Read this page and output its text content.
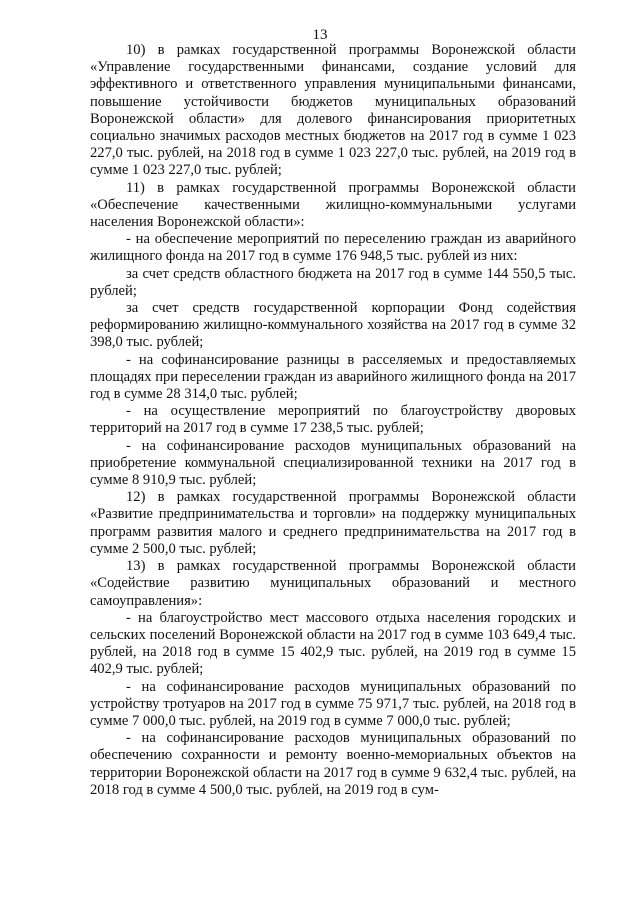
13

10) в рамках государственной программы Воронежской области «Управление государственными финансами, создание условий для эффективного и ответственного управления муниципальными финансами, повышение устойчивости бюджетов муниципальных образований Воронежской области» для долевого финансирования приоритетных социально значимых расходов местных бюджетов на 2017 год в сумме 1 023 227,0 тыс. рублей, на 2018 год в сумме 1 023 227,0 тыс. рублей, на 2019 год в сумме 1 023 227,0 тыс. рублей;

11) в рамках государственной программы Воронежской области «Обеспечение качественными жилищно-коммунальными услугами населения Воронежской области»:

- на обеспечение мероприятий по переселению граждан из аварийного жилищного фонда на 2017 год в сумме 176 948,5 тыс. рублей из них:

за счет средств областного бюджета на 2017 год в сумме 144 550,5 тыс. рублей;

за счет средств государственной корпорации Фонд содействия реформированию жилищно-коммунального хозяйства на 2017 год в сумме 32 398,0 тыс. рублей;

- на софинансирование разницы в расселяемых и предоставляемых площадях при переселении граждан из аварийного жилищного фонда на 2017 год в сумме 28 314,0 тыс. рублей;

- на осуществление мероприятий по благоустройству дворовых территорий на 2017 год в сумме 17 238,5 тыс. рублей;

- на софинансирование расходов муниципальных образований на приобретение коммунальной специализированной техники на 2017 год в сумме 8 910,9 тыс. рублей;

12) в рамках государственной программы Воронежской области «Развитие предпринимательства и торговли» на поддержку муниципальных программ развития малого и среднего предпринимательства на 2017 год в сумме 2 500,0 тыс. рублей;

13) в рамках государственной программы Воронежской области «Содействие развитию муниципальных образований и местного самоуправления»:

- на благоустройство мест массового отдыха населения городских и сельских поселений Воронежской области на 2017 год в сумме 103 649,4 тыс. рублей, на 2018 год в сумме 15 402,9 тыс. рублей, на 2019 год в сумме 15 402,9 тыс. рублей;

- на софинансирование расходов муниципальных образований по устройству тротуаров на 2017 год в сумме 75 971,7 тыс. рублей, на 2018 год в сумме 7 000,0 тыс. рублей, на 2019 год в сумме 7 000,0 тыс. рублей;

- на софинансирование расходов муниципальных образований по обеспечению сохранности и ремонту военно-мемориальных объектов на территории Воронежской области на 2017 год в сумме 9 632,4 тыс. рублей, на 2018 год в сумме 4 500,0 тыс. рублей, на 2019 год в сум-
